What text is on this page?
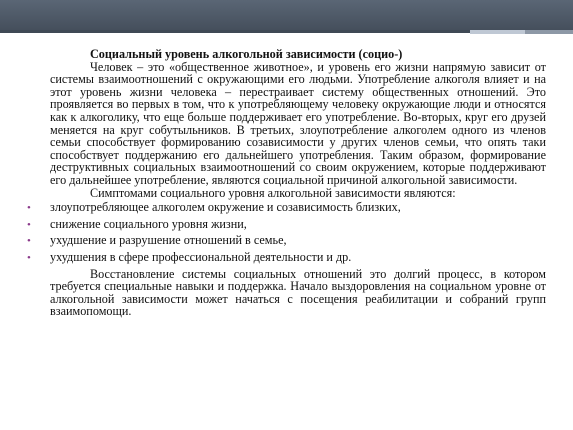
Социальный уровень алкогольной зависимости (социо-)

Человек – это «общественное животное», и уровень его жизни напрямую зависит от системы взаимоотношений с окружающими его людьми. Употребление алкоголя влияет и на этот уровень жизни человека – перестраивает систему общественных отношений. Это проявляется во первых в том, что к употребляющему человеку окружающие люди и относятся как к алкоголику, что еще больше поддерживает его употребление. Во-вторых, круг его друзей меняется на круг собутыльников. В третьих, злоупотребление алкоголем одного из членов семьи способствует формированию созависимости у других членов семьи, что опять таки способствует поддержанию его дальнейшего употребления. Таким образом, формирование деструктивных социальных взаимоотношений со своим окружением, которые поддерживают его дальнейшее употребление, являются социальной причиной алкогольной зависимости.

Симптомами социального уровня алкогольной зависимости являются:

• злоупотребляющее алкоголем окружение и созависимость близких,
• снижение социального уровня жизни,
• ухудшение и разрушение отношений в семье,
• ухудшения в сфере профессиональной деятельности и др.

Восстановление системы социальных отношений это долгий процесс, в котором требуется специальные навыки и поддержка. Начало выздоровления на социальном уровне от алкогольной зависимости может начаться с посещения реабилитации и собраний групп взаимопомощи.
